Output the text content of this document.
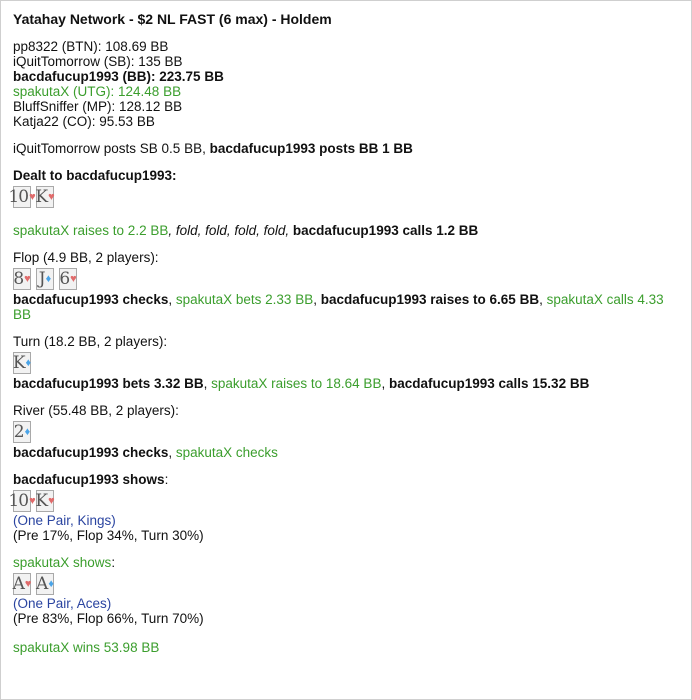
Yatahay Network - $2 NL FAST (6 max) - Holdem
pp8322 (BTN): 108.69 BB
iQuitTomorrow (SB): 135 BB
bacdafucup1993 (BB): 223.75 BB
spakutaX (UTG): 124.48 BB
BluffSniffer (MP): 128.12 BB
Katja22 (CO): 95.53 BB
iQuitTomorrow posts SB 0.5 BB, bacdafucup1993 posts BB 1 BB
Dealt to bacdafucup1993:
10 ♥ K ♥
spakutaX raises to 2.2 BB, fold, fold, fold, fold, bacdafucup1993 calls 1.2 BB
Flop (4.9 BB, 2 players):
8 ♥ J ♦ 6 ♥
bacdafucup1993 checks, spakutaX bets 2.33 BB, bacdafucup1993 raises to 6.65 BB, spakutaX calls 4.33 BB
Turn (18.2 BB, 2 players):
K ♦
bacdafucup1993 bets 3.32 BB, spakutaX raises to 18.64 BB, bacdafucup1993 calls 15.32 BB
River (55.48 BB, 2 players):
2 ♦
bacdafucup1993 checks, spakutaX checks
bacdafucup1993 shows:
10 ♥ K ♥
(One Pair, Kings)
(Pre 17%, Flop 34%, Turn 30%)
spakutaX shows:
A ♥ A ♦
(One Pair, Aces)
(Pre 83%, Flop 66%, Turn 70%)
spakutaX wins 53.98 BB
